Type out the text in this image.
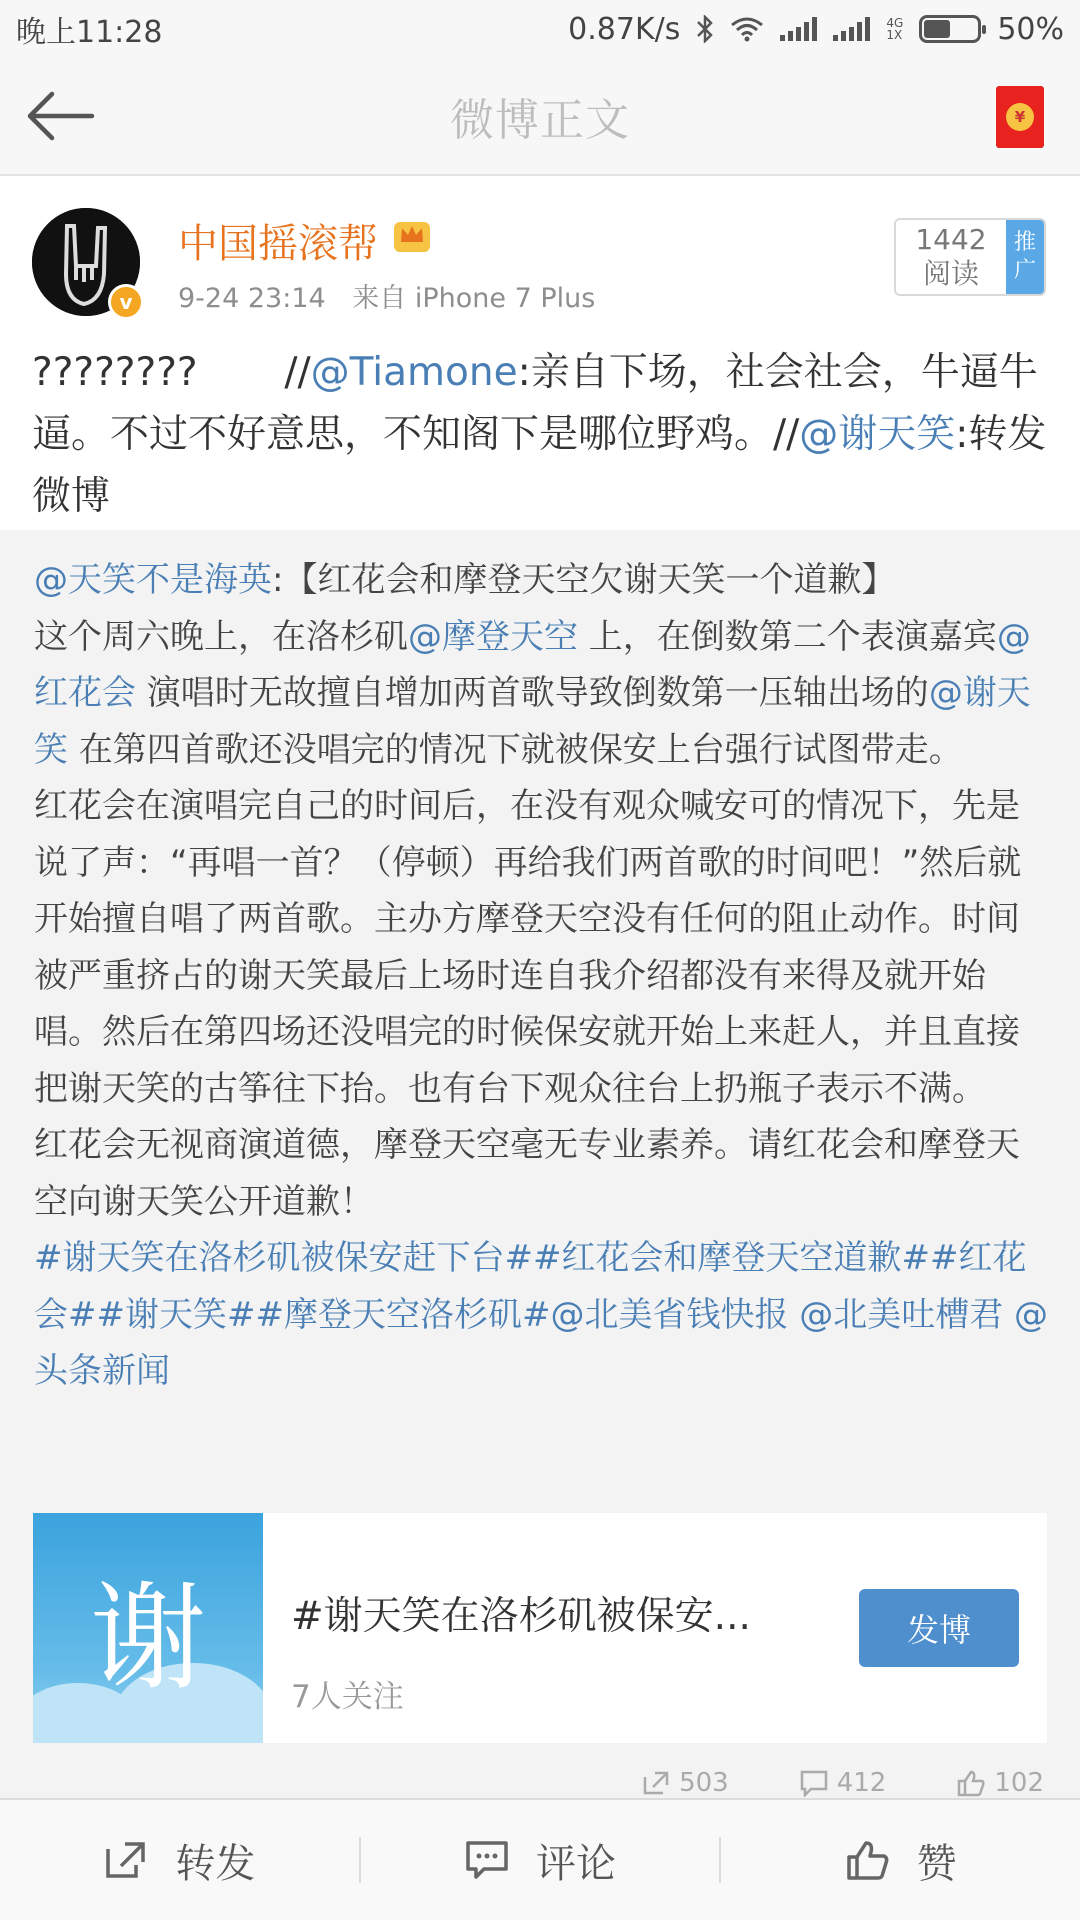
晚上11:28	0.87K/s	4G
1X	50%
微博正文	¥
v
中国摇滚帮
9-24 23:14 来自 iPhone 7 Plus
1442
阅读
推
广
????????       //@Tiamone:亲自下场，社会社会，牛逼牛逼。不过不好意思，不知阁下是哪位野鸡。//@谢天笑:转发微博
@天笑不是海英:【红花会和摩登天空欠谢天笑一个道歉】
这个周六晚上，在洛杉矶@摩登天空 上，在倒数第二个表演嘉宾@红花会 演唱时无故擅自增加两首歌导致倒数第一压轴出场的@谢天笑 在第四首歌还没唱完的情况下就被保安上台强行试图带走。
红花会在演唱完自己的时间后，在没有观众喊安可的情况下，先是说了声：“再唱一首？（停顿）再给我们两首歌的时间吧！”然后就开始擅自唱了两首歌。主办方摩登天空没有任何的阻止动作。时间被严重挤占的谢天笑最后上场时连自我介绍都没有来得及就开始唱。然后在第四场还没唱完的时候保安就开始上来赶人，并且直接把谢天笑的古筝往下抬。也有台下观众往台上扔瓶子表示不满。
红花会无视商演道德，摩登天空毫无专业素养。请红花会和摩登天空向谢天笑公开道歉！
#谢天笑在洛杉矶被保安赶下台##红花会和摩登天空道歉##红花会##谢天笑##摩登天空洛杉矶#@北美省钱快报 @北美吐槽君 @头条新闻
谢 #谢天笑在洛杉矶被保安...
7人关注
发博
503	412	102
转发	评论	赞
